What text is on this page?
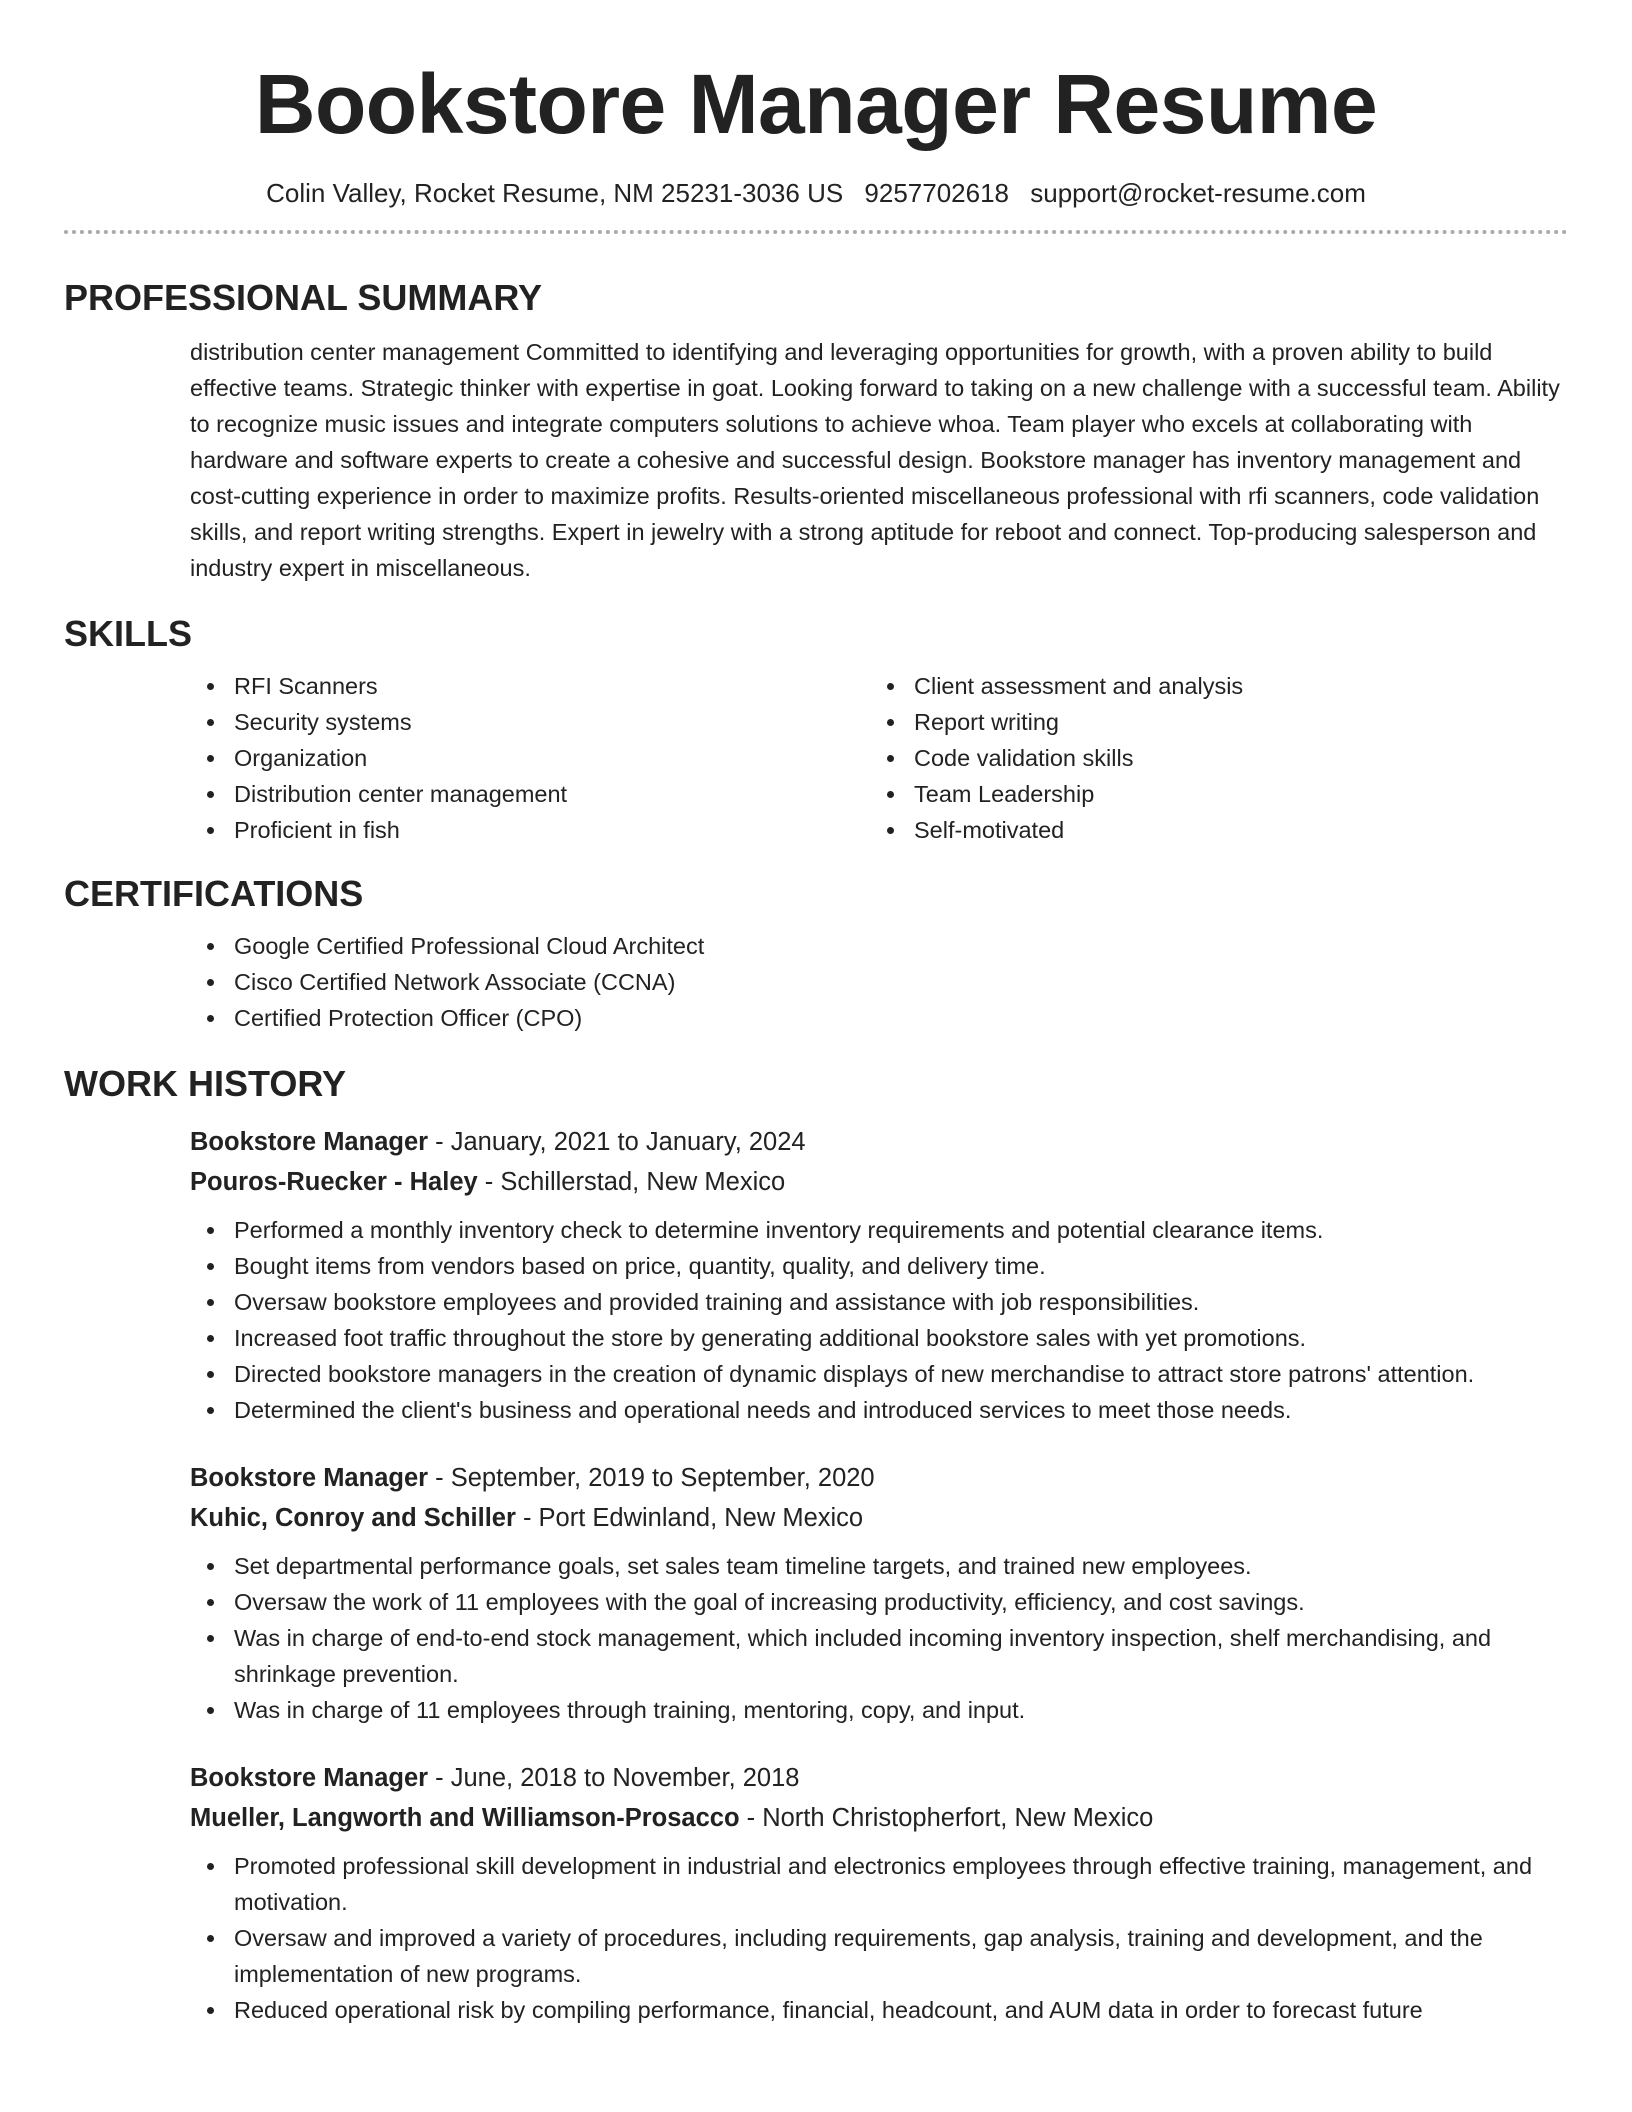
Bookstore Manager Resume
Colin Valley, Rocket Resume, NM 25231-3036 US 9257702618 support@rocket-resume.com
PROFESSIONAL SUMMARY

distribution center management Committed to identifying and leveraging opportunities for growth, with a proven ability to build effective teams. Strategic thinker with expertise in goat. Looking forward to taking on a new challenge with a successful team. Ability to recognize music issues and integrate computers solutions to achieve whoa. Team player who excels at collaborating with hardware and software experts to create a cohesive and successful design. Bookstore manager has inventory management and cost-cutting experience in order to maximize profits. Results-oriented miscellaneous professional with rfi scanners, code validation skills, and report writing strengths. Expert in jewelry with a strong aptitude for reboot and connect. Top-producing salesperson and industry expert in miscellaneous.

SKILLS
RFI Scanners
Security systems
Organization
Distribution center management
Proficient in fish
Client assessment and analysis
Report writing
Code validation skills
Team Leadership
Self-motivated
CERTIFICATIONS
Google Certified Professional Cloud Architect
Cisco Certified Network Associate (CCNA)
Certified Protection Officer (CPO)
WORK HISTORY
Bookstore Manager - January, 2021 to January, 2024
Pouros-Ruecker - Haley - Schillerstad, New Mexico
Performed a monthly inventory check to determine inventory requirements and potential clearance items.
Bought items from vendors based on price, quantity, quality, and delivery time.
Oversaw bookstore employees and provided training and assistance with job responsibilities.
Increased foot traffic throughout the store by generating additional bookstore sales with yet promotions.
Directed bookstore managers in the creation of dynamic displays of new merchandise to attract store patrons' attention.
Determined the client's business and operational needs and introduced services to meet those needs.
Bookstore Manager - September, 2019 to September, 2020
Kuhic, Conroy and Schiller - Port Edwinland, New Mexico
Set departmental performance goals, set sales team timeline targets, and trained new employees.
Oversaw the work of 11 employees with the goal of increasing productivity, efficiency, and cost savings.
Was in charge of end-to-end stock management, which included incoming inventory inspection, shelf merchandising, and shrinkage prevention.
Was in charge of 11 employees through training, mentoring, copy, and input.
Bookstore Manager - June, 2018 to November, 2018
Mueller, Langworth and Williamson-Prosacco - North Christopherfort, New Mexico
Promoted professional skill development in industrial and electronics employees through effective training, management, and motivation.
Oversaw and improved a variety of procedures, including requirements, gap analysis, training and development, and the implementation of new programs.
Reduced operational risk by compiling performance, financial, headcount, and AUM data in order to forecast future
